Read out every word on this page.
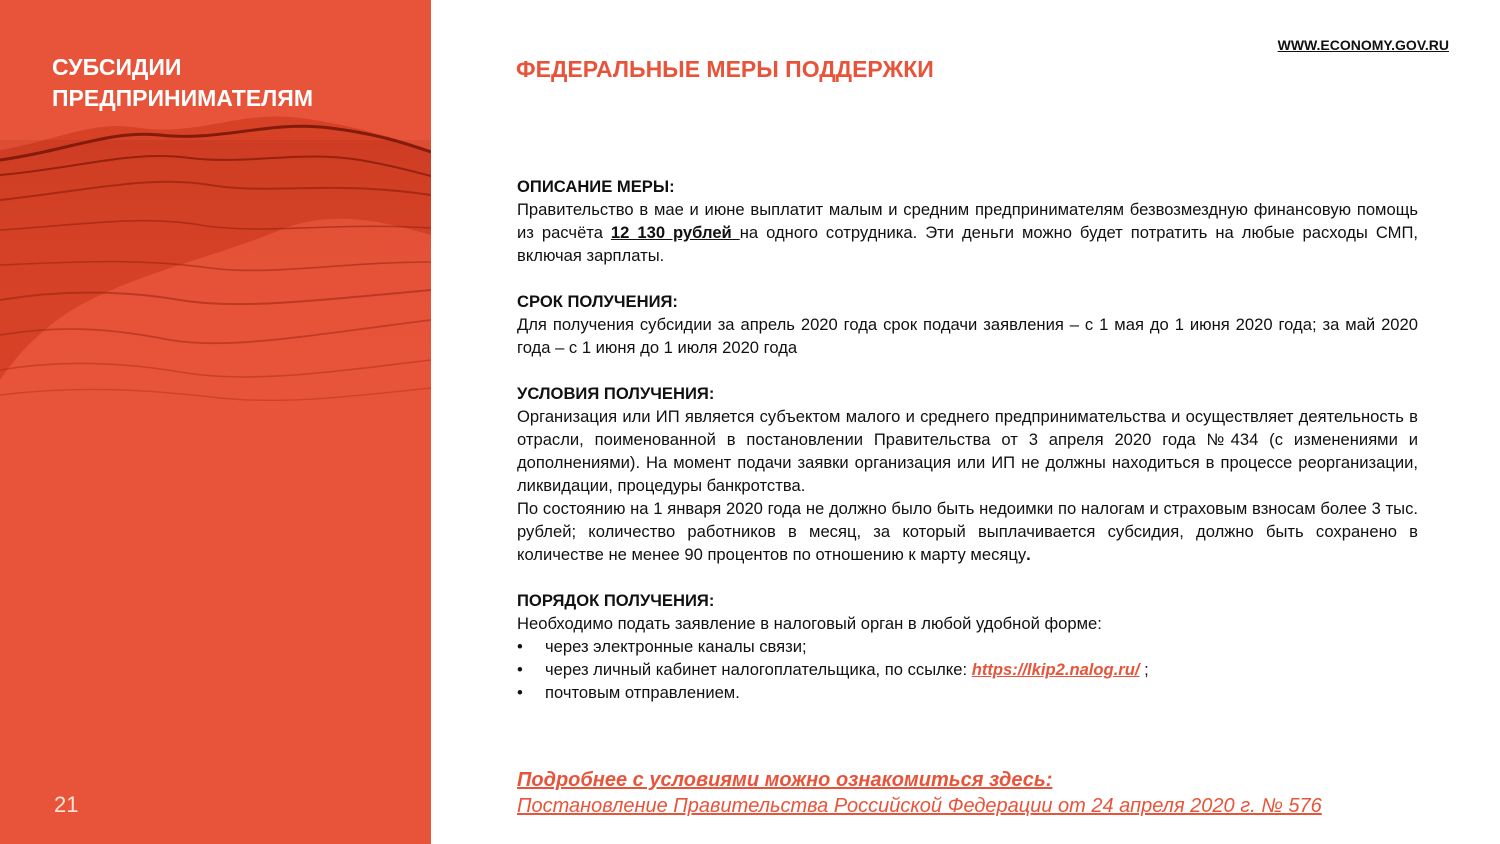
СУБСИДИИ
ПРЕДПРИНИМАТЕЛЯМ
21
WWW.ECONOMY.GOV.RU
ФЕДЕРАЛЬНЫЕ МЕРЫ ПОДДЕРЖКИ
ОПИСАНИЕ МЕРЫ:
Правительство в мае и июне выплатит малым и средним предпринимателям безвозмездную финансовую помощь из расчёта 12 130 рублей на одного сотрудника. Эти деньги можно будет потратить на любые расходы СМП, включая зарплаты.
СРОК ПОЛУЧЕНИЯ:
Для получения субсидии за апрель 2020 года срок подачи заявления – с 1 мая до 1 июня 2020 года; за май 2020 года – с 1 июня до 1 июля 2020 года
УСЛОВИЯ ПОЛУЧЕНИЯ:
Организация или ИП является субъектом малого и среднего предпринимательства и осуществляет деятельность в отрасли, поименованной в постановлении Правительства от 3 апреля 2020 года №434 (с изменениями и дополнениями). На момент подачи заявки организация или ИП не должны находиться в процессе реорганизации, ликвидации, процедуры банкротства.
По состоянию на 1 января 2020 года не должно было быть недоимки по налогам и страховым взносам более 3 тыс. рублей; количество работников в месяц, за который выплачивается субсидия, должно быть сохранено в количестве не менее 90 процентов по отношению к марту месяцу.
ПОРЯДОК ПОЛУЧЕНИЯ:
Необходимо подать заявление в налоговый орган в любой удобной форме:
•	через электронные каналы связи;
•	через личный кабинет налогоплательщика, по ссылке: https://lkip2.nalog.ru/ ;
•	почтовым отправлением.
Подробнее с условиями можно ознакомиться здесь:
Постановление Правительства Российской Федерации от 24 апреля 2020 г. № 576
